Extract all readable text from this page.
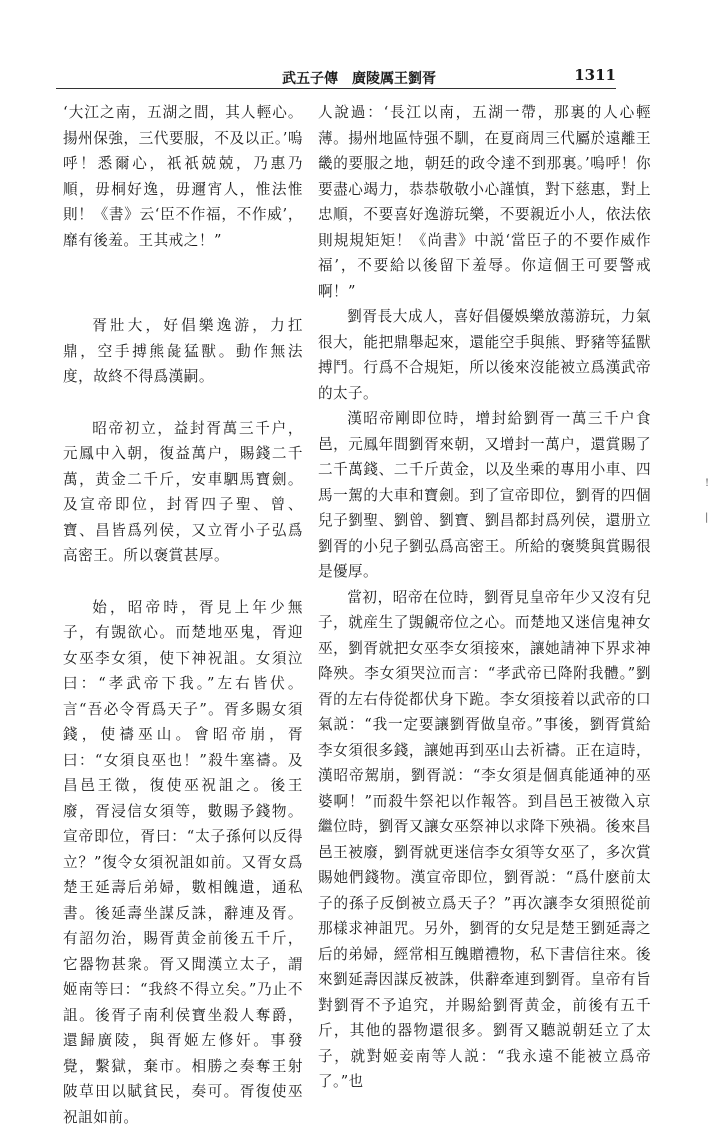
武五子傳　廣陵厲王劉胥	1311

‘大江之南，五湖之間，其人輕心。揚州保強，三代要服，不及以正。’嗚呼！悉爾心，祇祇兢兢，乃惠乃順，毋桐好逸，毋邇宵人，惟法惟則！《書》云‘臣不作福，不作威’，靡有後羞。王其戒之！”

胥壯大，好倡樂逸游，力扛鼎，空手搏熊彘猛獸。動作無法度，故終不得爲漢嗣。

昭帝初立，益封胥萬三千户，元鳳中入朝，復益萬户，賜錢二千萬，黄金二千斤，安車駟馬寶劍。及宣帝即位，封胥四子聖、曾、寶、昌皆爲列侯，又立胥小子弘爲高密王。所以褒賞甚厚。

始，昭帝時，胥見上年少無子，有覬欲心。而楚地巫鬼，胥迎女巫李女須，使下神祝詛。女須泣曰：“孝武帝下我。”左右皆伏。言“吾必令胥爲天子”。胥多賜女須錢，使禱巫山。會昭帝崩，胥曰：“女須良巫也！”殺牛塞禱。及昌邑王徵，復使巫祝詛之。後王廢，胥浸信女須等，數賜予錢物。宣帝即位，胥曰：“太子孫何以反得立？”復令女須祝詛如前。又胥女爲楚王延壽后弟婦，數相餽遺，通私書。後延壽坐謀反誅，辭連及胥。有詔勿治，賜胥黄金前後五千斤，它器物甚衆。胥又聞漢立太子，謂姬南等曰：“我終不得立矣。”乃止不詛。後胥子南利侯寶坐殺人奪爵，還歸廣陵，與胥姬左修奸。事發覺，繫獄，棄市。相勝之奏奪王射陂草田以賦貧民，奏可。胥復使巫祝詛如前。

人說過：‘長江以南，五湖一帶，那裏的人心輕薄。揚州地區恃强不馴，在夏商周三代屬於遠離王畿的要服之地，朝廷的政令達不到那裏。’嗚呼！你要盡心竭力，恭恭敬敬小心謹慎，對下慈惠，對上忠順，不要喜好逸游玩樂，不要親近小人，依法依則規規矩矩！《尚書》中説‘當臣子的不要作威作福’，不要給以後留下羞辱。你這個王可要警戒啊！”

劉胥長大成人，喜好倡優娛樂放蕩游玩，力氣很大，能把鼎舉起來，還能空手與熊、野豬等猛獸搏鬥。行爲不合規矩，所以後來沒能被立爲漢武帝的太子。

漢昭帝剛即位時，增封給劉胥一萬三千户食邑，元鳳年間劉胥來朝，又增封一萬户，還賞賜了二千萬錢、二千斤黄金，以及坐乘的專用小車、四馬一駕的大車和寶劍。到了宣帝即位，劉胥的四個兒子劉聖、劉曾、劉寶、劉昌都封爲列侯，還册立劉胥的小兒子劉弘爲高密王。所給的褒獎與賞賜很是優厚。

當初，昭帝在位時，劉胥見皇帝年少又沒有兒子，就産生了覬覦帝位之心。而楚地又迷信鬼神女巫，劉胥就把女巫李女須接來，讓她請神下界求神降殃。李女須哭泣而言：“孝武帝已降附我體。”劉胥的左右侍從都伏身下跪。李女須接着以武帝的口氣説：“我一定要讓劉胥做皇帝。”事後，劉胥賞給李女須很多錢，讓她再到巫山去祈禱。正在這時，漢昭帝駕崩，劉胥説：“李女須是個真能通神的巫婆啊！”而殺牛祭祀以作報答。到昌邑王被徵入京繼位時，劉胥又讓女巫祭神以求降下殃禍。後來昌邑王被廢，劉胥就更迷信李女須等女巫了，多次賞賜她們錢物。漢宣帝即位，劉胥説：“爲什麽前太子的孫子反倒被立爲天子？”再次讓李女須照從前那樣求神詛咒。另外，劉胥的女兒是楚王劉延壽之后的弟婦，經常相互餽贈禮物，私下書信往來。後來劉延壽因謀反被誅，供辭牽連到劉胥。皇帝有旨對劉胥不予追究，并賜給劉胥黄金，前後有五千斤，其他的器物還很多。劉胥又聽説朝廷立了太子，就對姬妾南等人説：“我永遠不能被立爲帝了。”也

!
|
